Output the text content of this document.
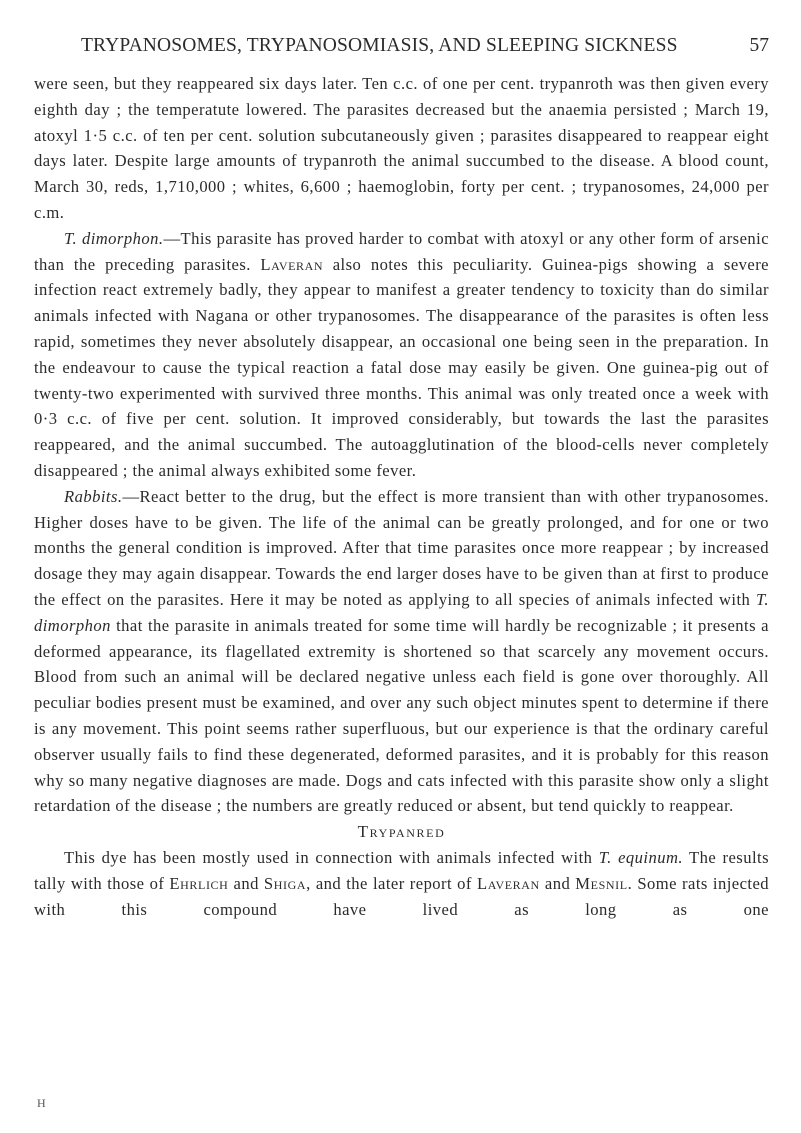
TRYPANOSOMES, TRYPANOSOMIASIS, AND SLEEPING SICKNESS	57

were seen, but they reappeared six days later. Ten c.c. of one per cent. trypanroth was then given every eighth day ; the temperatute lowered. The parasites decreased but the anaemia persisted ; March 19, atoxyl 1·5 c.c. of ten per cent. solution subcutaneously given ; parasites disappeared to reappear eight days later. Despite large amounts of trypanroth the animal succumbed to the disease. A blood count, March 30, reds, 1,710,000 ; whites, 6,600 ; haemoglobin, forty per cent. ; trypanosomes, 24,000 per c.m.

T. dimorphon.—This parasite has proved harder to combat with atoxyl or any other form of arsenic than the preceding parasites. Laveran also notes this peculiarity. Guinea-pigs showing a severe infection react extremely badly, they appear to manifest a greater tendency to toxicity than do similar animals infected with Nagana or other trypanosomes. The disappearance of the parasites is often less rapid, sometimes they never absolutely disappear, an occasional one being seen in the preparation. In the endeavour to cause the typical reaction a fatal dose may easily be given. One guinea-pig out of twenty-two experimented with survived three months. This animal was only treated once a week with 0·3 c.c. of five per cent. solution. It improved considerably, but towards the last the parasites reappeared, and the animal succumbed. The autoagglutination of the blood-cells never completely disappeared ; the animal always exhibited some fever.

Rabbits.—React better to the drug, but the effect is more transient than with other trypanosomes. Higher doses have to be given. The life of the animal can be greatly prolonged, and for one or two months the general condition is improved. After that time parasites once more reappear ; by increased dosage they may again disappear. Towards the end larger doses have to be given than at first to produce the effect on the parasites. Here it may be noted as applying to all species of animals infected with T. dimorphon that the parasite in animals treated for some time will hardly be recognizable ; it presents a deformed appearance, its flagellated extremity is shortened so that scarcely any movement occurs. Blood from such an animal will be declared negative unless each field is gone over thoroughly. All peculiar bodies present must be examined, and over any such object minutes spent to determine if there is any movement. This point seems rather superfluous, but our experience is that the ordinary careful observer usually fails to find these degenerated, deformed parasites, and it is probably for this reason why so many negative diagnoses are made. Dogs and cats infected with this parasite show only a slight retardation of the disease ; the numbers are greatly reduced or absent, but tend quickly to reappear.

Trypanred

This dye has been mostly used in connection with animals infected with T. equinum. The results tally with those of Ehrlich and Shiga, and the later report of Laveran and Mesnil. Some rats injected with this compound have lived as long as one

H
